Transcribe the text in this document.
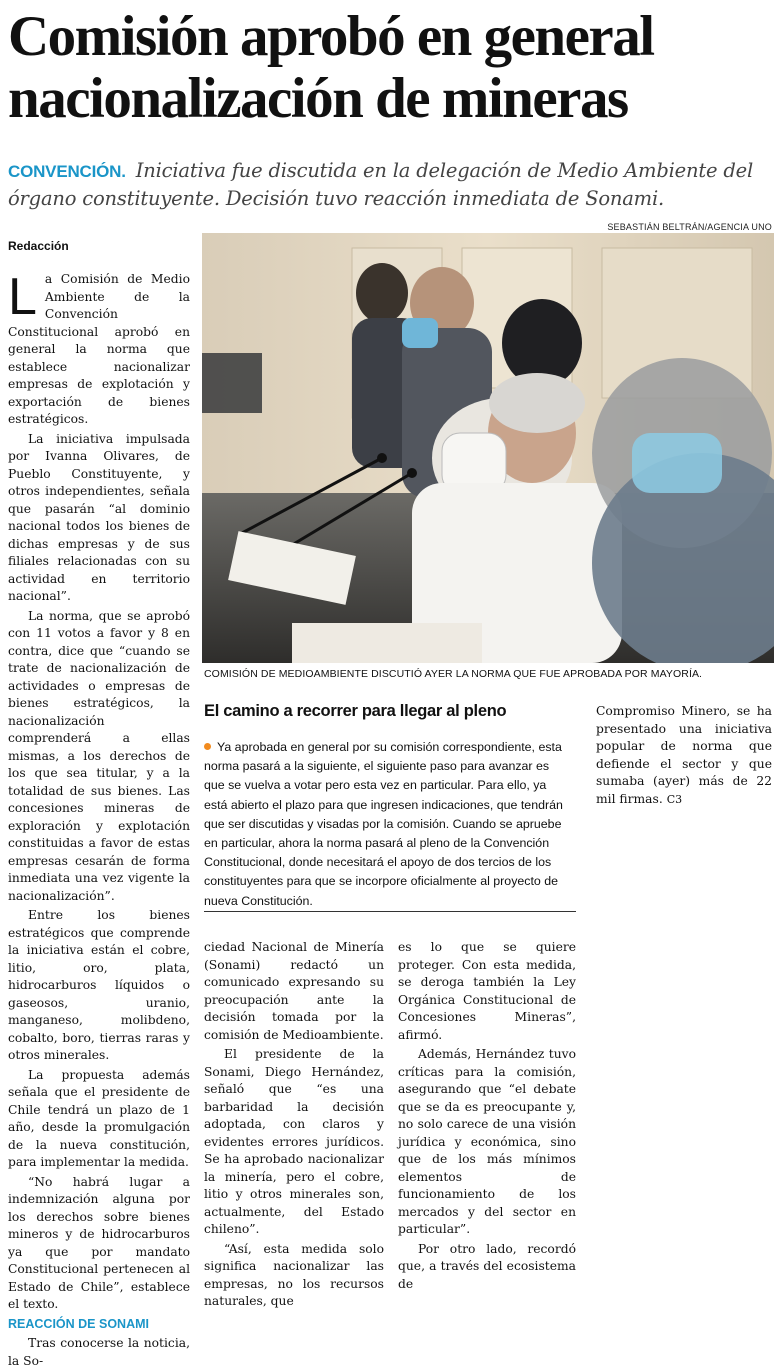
Comisión aprobó en general
nacionalización de mineras
CONVENCIÓN. Iniciativa fue discutida en la delegación de Medio Ambiente del órgano constituyente. Decisión tuvo reacción inmediata de Sonami.
SEBASTIÁN BELTRÁN/AGENCIA UNO
Redacción
L a Comisión de Medio Ambiente de la Convención Constitucional aprobó en general la norma que establece nacionalizar empresas de explotación y exportación de bienes estratégicos.

La iniciativa impulsada por Ivanna Olivares, de Pueblo Constituyente, y otros independientes, señala que pasarán “al dominio nacional todos los bienes de dichas empresas y de sus filiales relacionadas con su actividad en territorio nacional”.

La norma, que se aprobó con 11 votos a favor y 8 en contra, dice que “cuando se trate de nacionalización de actividades o empresas de bienes estratégicos, la nacionalización comprenderá a ellas mismas, a los derechos de los que sea titular, y a la totalidad de sus bienes. Las concesiones mineras de exploración y explotación constituidas a favor de estas empresas cesarán de forma inmediata una vez vigente la nacionalización”.

Entre los bienes estratégicos que comprende la iniciativa están el cobre, litio, oro, plata, hidrocarburos líquidos o gaseosos, uranio, manganeso, molibdeno, cobalto, boro, tierras raras y otros minerales.

La propuesta además señala que el presidente de Chile tendrá un plazo de 1 año, desde la promulgación de la nueva constitución, para implementar la medida.

“No habrá lugar a indemnización alguna por los derechos sobre bienes mineros y de hidrocarburos ya que por mandato Constitucional pertenecen al Estado de Chile”, establece el texto.

REACCIÓN DE SONAMI

Tras conocerse la noticia, la So-

COMISIÓN DE MEDIOAMBIENTE DISCUTIÓ AYER LA NORMA QUE FUE APROBADA POR MAYORÍA.
El camino a recorrer para llegar al pleno
Ya aprobada en general por su comisión correspondiente, esta norma pasará a la siguiente, el siguiente paso para avanzar es que se vuelva a votar pero esta vez en particular. Para ello, ya está abierto el plazo para que ingresen indicaciones, que tendrán que ser discutidas y visadas por la comisión. Cuando se apruebe en particular, ahora la norma pasará al pleno de la Convención Constitucional, donde necesitará el apoyo de dos tercios de los constituyentes para que se incorpore oficialmente al proyecto de nueva Constitución.

ciedad Nacional de Minería (Sonami) redactó un comunicado expresando su preocupación ante la decisión tomada por la comisión de Medioambiente.

El presidente de la Sonami, Diego Hernández, señaló que “es una barbaridad la decisión adoptada, con claros y evidentes errores jurídicos. Se ha aprobado nacionalizar la minería, pero el cobre, litio y otros minerales son, actualmente, del Estado chileno”.

“Así, esta medida solo significa nacionalizar las empresas, no los recursos naturales, que

es lo que se quiere proteger. Con esta medida, se deroga también la Ley Orgánica Constitucional de Concesiones Mineras”, afirmó.

Además, Hernández tuvo críticas para la comisión, asegurando que “el debate que se da es preocupante y, no solo carece de una visión jurídica y económica, sino que de los más mínimos elementos de funcionamiento de los mercados y del sector en particular”.

Por otro lado, recordó que, a través del ecosistema de

Compromiso Minero, se ha presentado una iniciativa popular de norma que defiende el sector y que sumaba (ayer) más de 22 mil firmas. C3
